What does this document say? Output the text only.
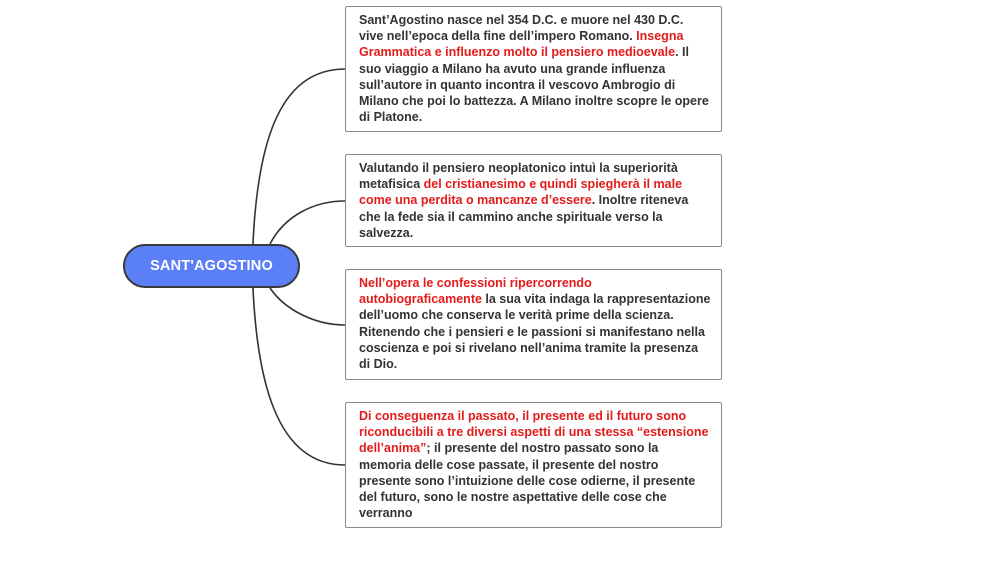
SANT'AGOSTINO

Sant’Agostino nasce nel 354 D.C. e muore nel 430 D.C. vive nell’epoca della fine dell’impero Romano. Insegna Grammatica e influenzo molto il pensiero medioevale. Il suo viaggio a Milano ha avuto una grande influenza sull’autore in quanto incontra il vescovo Ambrogio di Milano che poi lo battezza. A Milano inoltre scopre le opere di Platone.

Valutando il pensiero neoplatonico intuì la superiorità metafisica del cristianesimo e quindi spiegherà il male come una perdita o mancanze d’essere. Inoltre riteneva che la fede sia il cammino anche spirituale verso la salvezza.

Nell’opera le confessioni ripercorrendo autobiograficamente la sua vita indaga la rappresentazione dell’uomo che conserva le verità prime della scienza. Ritenendo che i pensieri e le passioni si manifestano nella coscienza e poi si rivelano nell’anima tramite la presenza di Dio.

Di conseguenza il passato, il presente ed il futuro sono riconducibili a tre diversi aspetti di una stessa “estensione dell’anima”; il presente del nostro passato sono la memoria delle cose passate, il presente del nostro presente sono l’intuizione delle cose odierne, il presente del futuro, sono le nostre aspettative delle cose che verranno
